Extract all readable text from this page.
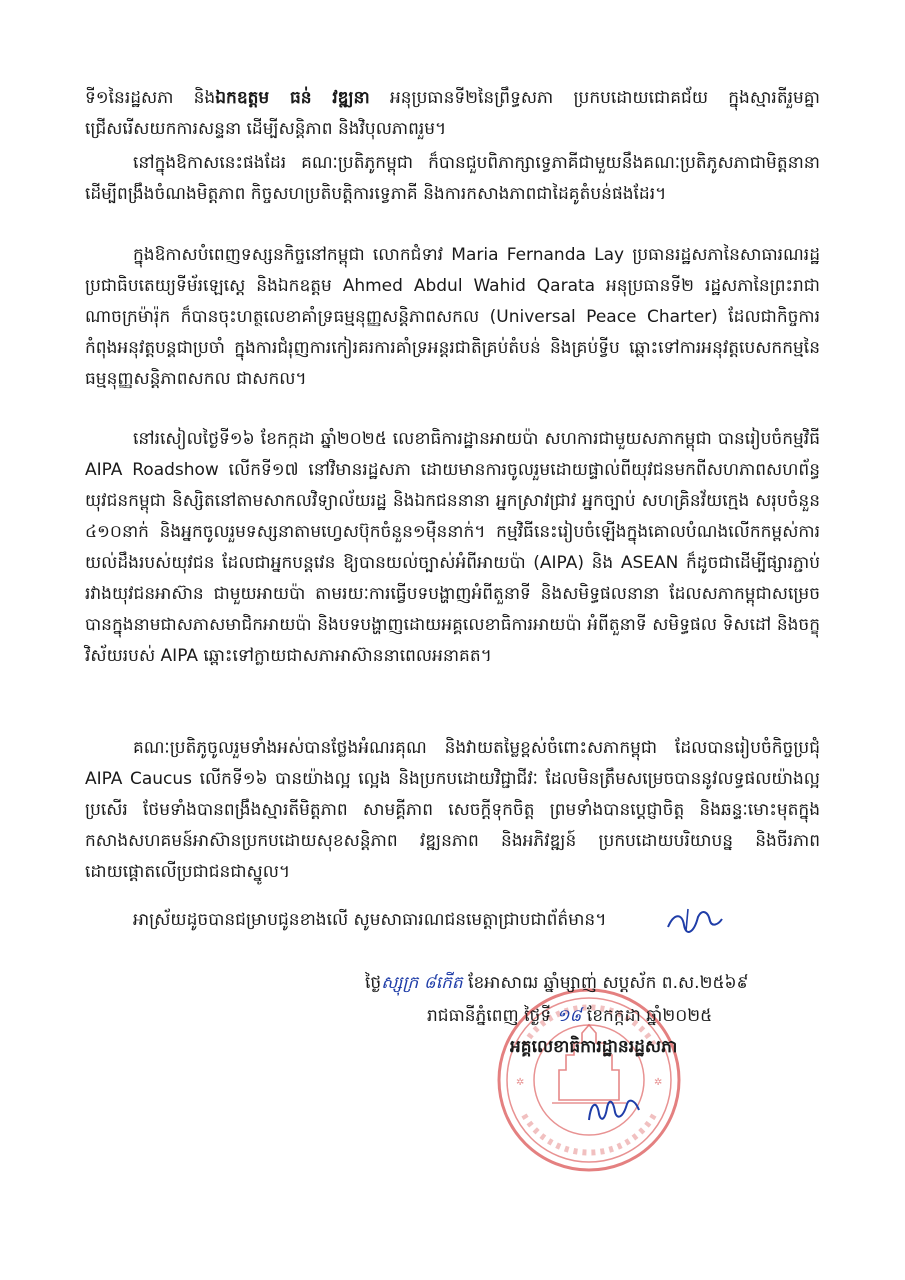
ទី១នៃរដ្ឋសភា និងឯកឧត្តម ធន់ វឌ្ឍនា អនុប្រធានទី២នៃព្រឹទ្ធសភា ប្រកបដោយជោគជ័យ ក្នុងស្មារតីរួមគ្នាជ្រើសរើសយកការសន្ទនា ដើម្បីសន្តិភាព និងវិបុលភាពរួម។

នៅក្នុងឱកាសនេះផងដែរ គណៈប្រតិភូកម្ពុជា ក៏បានជួបពិភាក្សាទ្វេភាគីជាមួយនឹងគណៈប្រតិភូសភាជាមិត្តនានា ដើម្បីពង្រឹងចំណងមិត្តភាព កិច្ចសហប្រតិបត្តិការទ្វេភាគី និងការកសាងភាពជាដៃគូតំបន់ផងដែរ។

ក្នុងឱកាសបំពេញទស្សនកិច្ចនៅកម្ពុជា លោកជំទាវ Maria Fernanda Lay ប្រធានរដ្ឋសភានៃសាធារណរដ្ឋប្រជាធិបតេយ្យទីម័រឡេស្តេ និងឯកឧត្តម Ahmed Abdul Wahid Qarata អនុប្រធានទី២ រដ្ឋសភានៃព្រះរាជាណាចក្រម៉ារ៉ុក ក៏បានចុះហត្ថលេខាគាំទ្រធម្មនុញ្ញសន្តិភាពសកល (Universal Peace Charter) ដែលជាកិច្ចការកំពុងអនុវត្តបន្តជាប្រចាំ ក្នុងការជំរុញការកៀរគរការគាំទ្រអន្តរជាតិគ្រប់តំបន់ និងគ្រប់ទ្វីប ឆ្ពោះទៅការអនុវត្តបេសកកម្មនៃធម្មនុញ្ញសន្តិភាពសកល ជាសកល។

នៅរសៀលថ្ងៃទី១៦ ខែកក្កដា ឆ្នាំ២០២៥ លេខាធិការដ្ឋានអាយប៉ា សហការជាមួយសភាកម្ពុជា បានរៀបចំកម្មវិធី AIPA Roadshow លើកទី១៧ នៅវិមានរដ្ឋសភា ដោយមានការចូលរួមដោយផ្ទាល់ពីយុវជនមកពីសហភាពសហព័ន្ធយុវជនកម្ពុជា និស្សិតនៅតាមសាកលវិទ្យាល័យរដ្ឋ និងឯកជននានា អ្នកស្រាវជ្រាវ អ្នកច្បាប់ សហគ្រិនវ័យក្មេង សរុបចំនួន ៤១០នាក់ និងអ្នកចូលរួមទស្សនាតាមហ្វេសប៊ុកចំនួន១ម៉ឺននាក់។ កម្មវិធីនេះរៀបចំឡើងក្នុងគោលបំណងលើកកម្ពស់ការយល់ដឹងរបស់យុវជន ដែលជាអ្នកបន្តវេន ឱ្យបានយល់ច្បាស់អំពីអាយប៉ា (AIPA) និង ASEAN ក៏ដូចជាដើម្បីផ្សារភ្ជាប់រវាងយុវជនអាស៊ាន ជាមួយអាយប៉ា តាមរយៈការធ្វើបទបង្ហាញអំពីតួនាទី និងសមិទ្ធផលនានា ដែលសភាកម្ពុជាសម្រេចបានក្នុងនាមជាសភាសមាជិកអាយប៉ា និងបទបង្ហាញដោយអគ្គលេខាធិការអាយប៉ា អំពីតួនាទី សមិទ្ធផល ទិសដៅ និងចក្ខុវិស័យរបស់ AIPA ឆ្ពោះទៅក្លាយជាសភាអាស៊ាននាពេលអនាគត។

គណៈប្រតិភូចូលរួមទាំងអស់បានថ្លែងអំណរគុណ និងវាយតម្លៃខ្ពស់ចំពោះសភាកម្ពុជា ដែលបានរៀបចំកិច្ចប្រជុំ AIPA Caucus លើកទី១៦ បានយ៉ាងល្អ ល្អេង និងប្រកបដោយវិជ្ជាជីវៈ ដែលមិនត្រឹមសម្រេចបាននូវលទ្ធផលយ៉ាងល្អប្រសើរ ថែមទាំងបានពង្រឹងស្មារតីមិត្តភាព សាមគ្គីភាព សេចក្តីទុកចិត្ត ព្រមទាំងបានប្តេជ្ញាចិត្ត និងឆន្ទៈមោះមុតក្នុងកសាងសហគមន៍អាស៊ានប្រកបដោយសុខសន្តិភាព វឌ្ឍនភាព និងអភិវឌ្ឍន៍ ប្រកបដោយបរិយាបន្ន និងចីរភាព ដោយផ្តោតលើប្រជាជនជាស្នូល។

អាស្រ័យដូចបានជម្រាបជូនខាងលើ សូមសាធារណជនមេត្តាជ្រាបជាព័ត៌មាន។

✲	✲
ថ្ងៃស្សុក្រ ៨កើត ខែអាសាឍ ឆ្នាំម្សាញ់ សប្តស័ក ព.ស.២៥៦៩
រាជធានីភ្នំពេញ ថ្ងៃទី ១៨ ខែកក្កដា ឆ្នាំ២០២៥
អគ្គលេខាធិការដ្ឋានរដ្ឋសភា
